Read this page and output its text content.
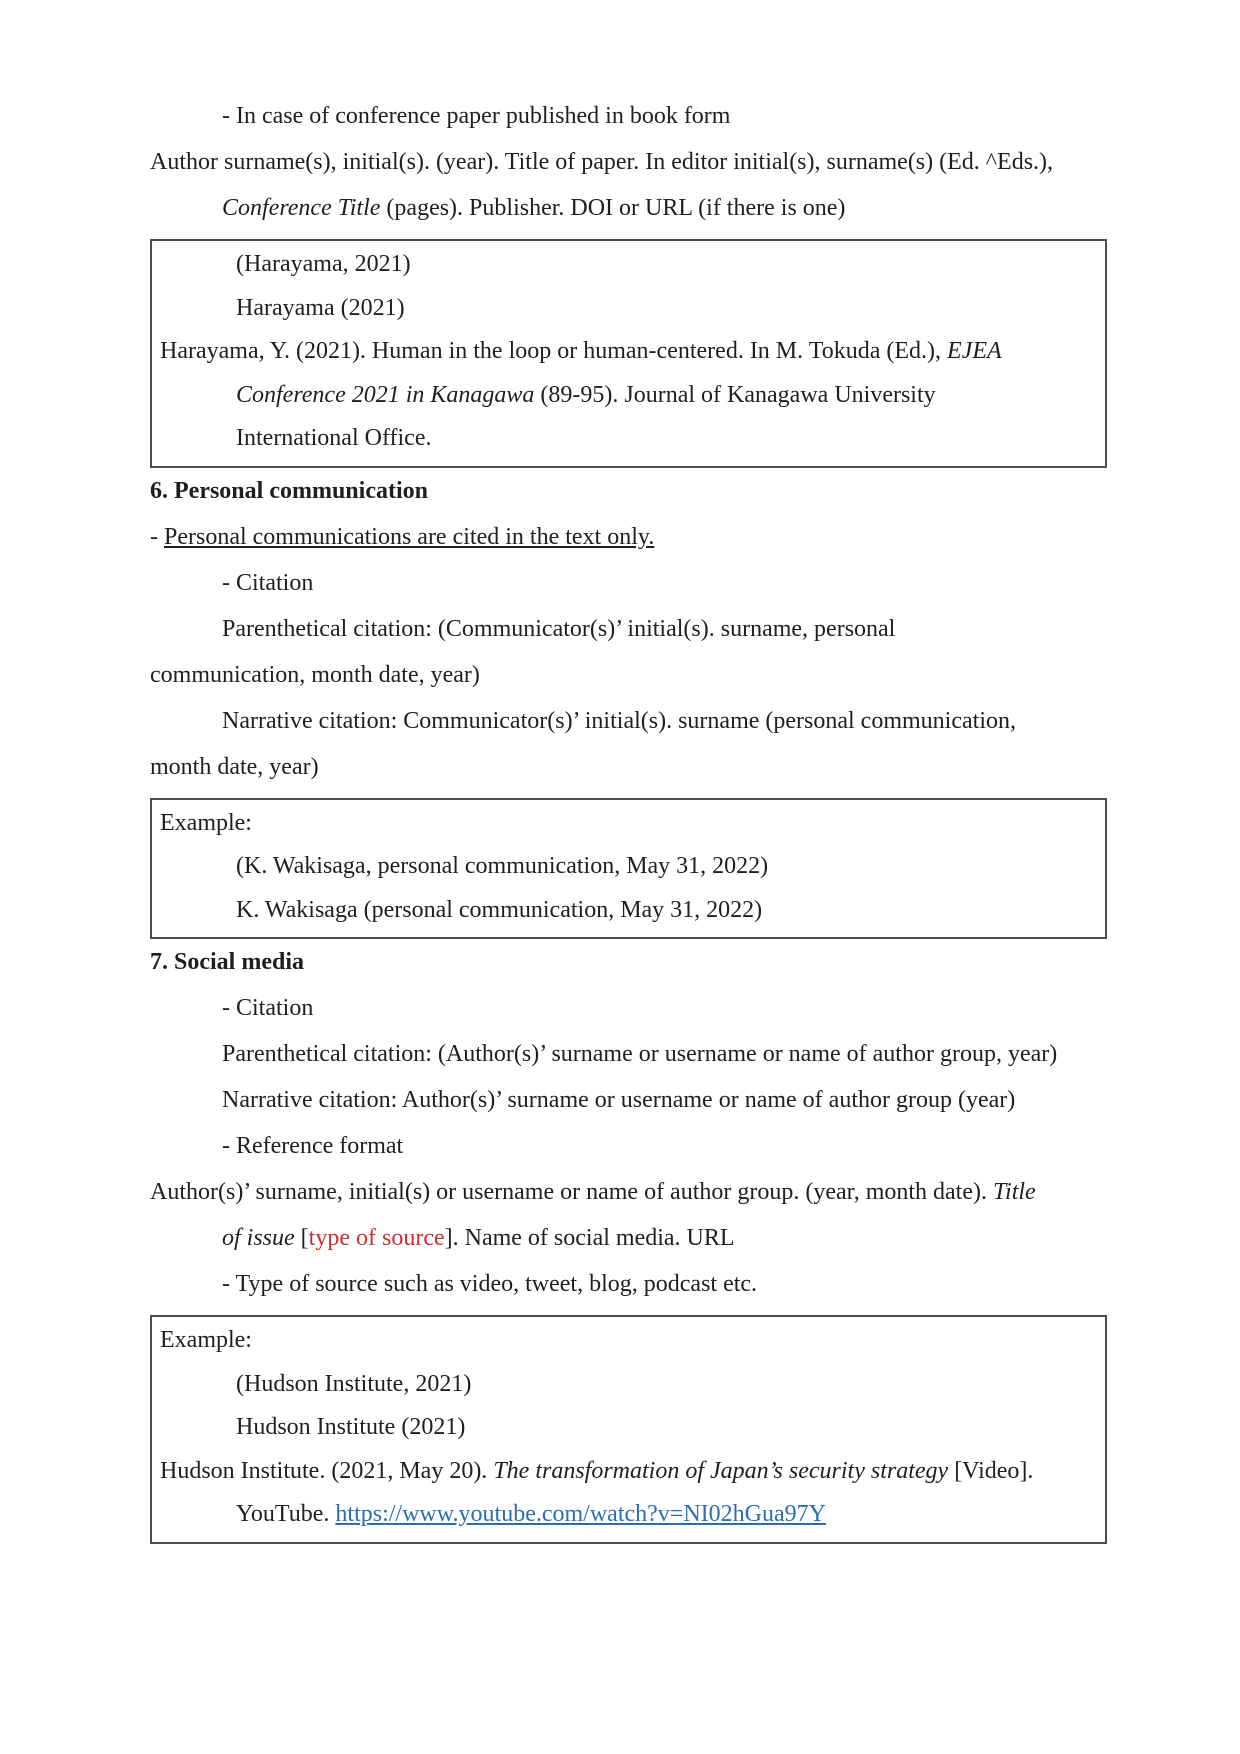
- In case of conference paper published in book form

Author surname(s), initial(s). (year). Title of paper. In editor initial(s), surname(s) (Ed. ^Eds.),

Conference Title (pages). Publisher. DOI or URL (if there is one)

(Harayama, 2021)

Harayama (2021)

Harayama, Y. (2021). Human in the loop or human-centered. In M. Tokuda (Ed.), EJEA

Conference 2021 in Kanagawa (89-95). Journal of Kanagawa University

International Office.

6. Personal communication

- Personal communications are cited in the text only.

- Citation

Parenthetical citation: (Communicator(s)’ initial(s). surname, personal

communication, month date, year)

Narrative citation: Communicator(s)’ initial(s). surname (personal communication,

month date, year)

Example:

(K. Wakisaga, personal communication, May 31, 2022)

K. Wakisaga (personal communication, May 31, 2022)

7. Social media

- Citation

Parenthetical citation: (Author(s)’ surname or username or name of author group, year)

Narrative citation: Author(s)’ surname or username or name of author group (year)

- Reference format

Author(s)’ surname, initial(s) or username or name of author group. (year, month date). Title

of issue [type of source]. Name of social media. URL

- Type of source such as video, tweet, blog, podcast etc.

Example:

(Hudson Institute, 2021)

Hudson Institute (2021)

Hudson Institute. (2021, May 20). The transformation of Japan’s security strategy [Video].

YouTube. https://www.youtube.com/watch?v=NI02hGua97Y
